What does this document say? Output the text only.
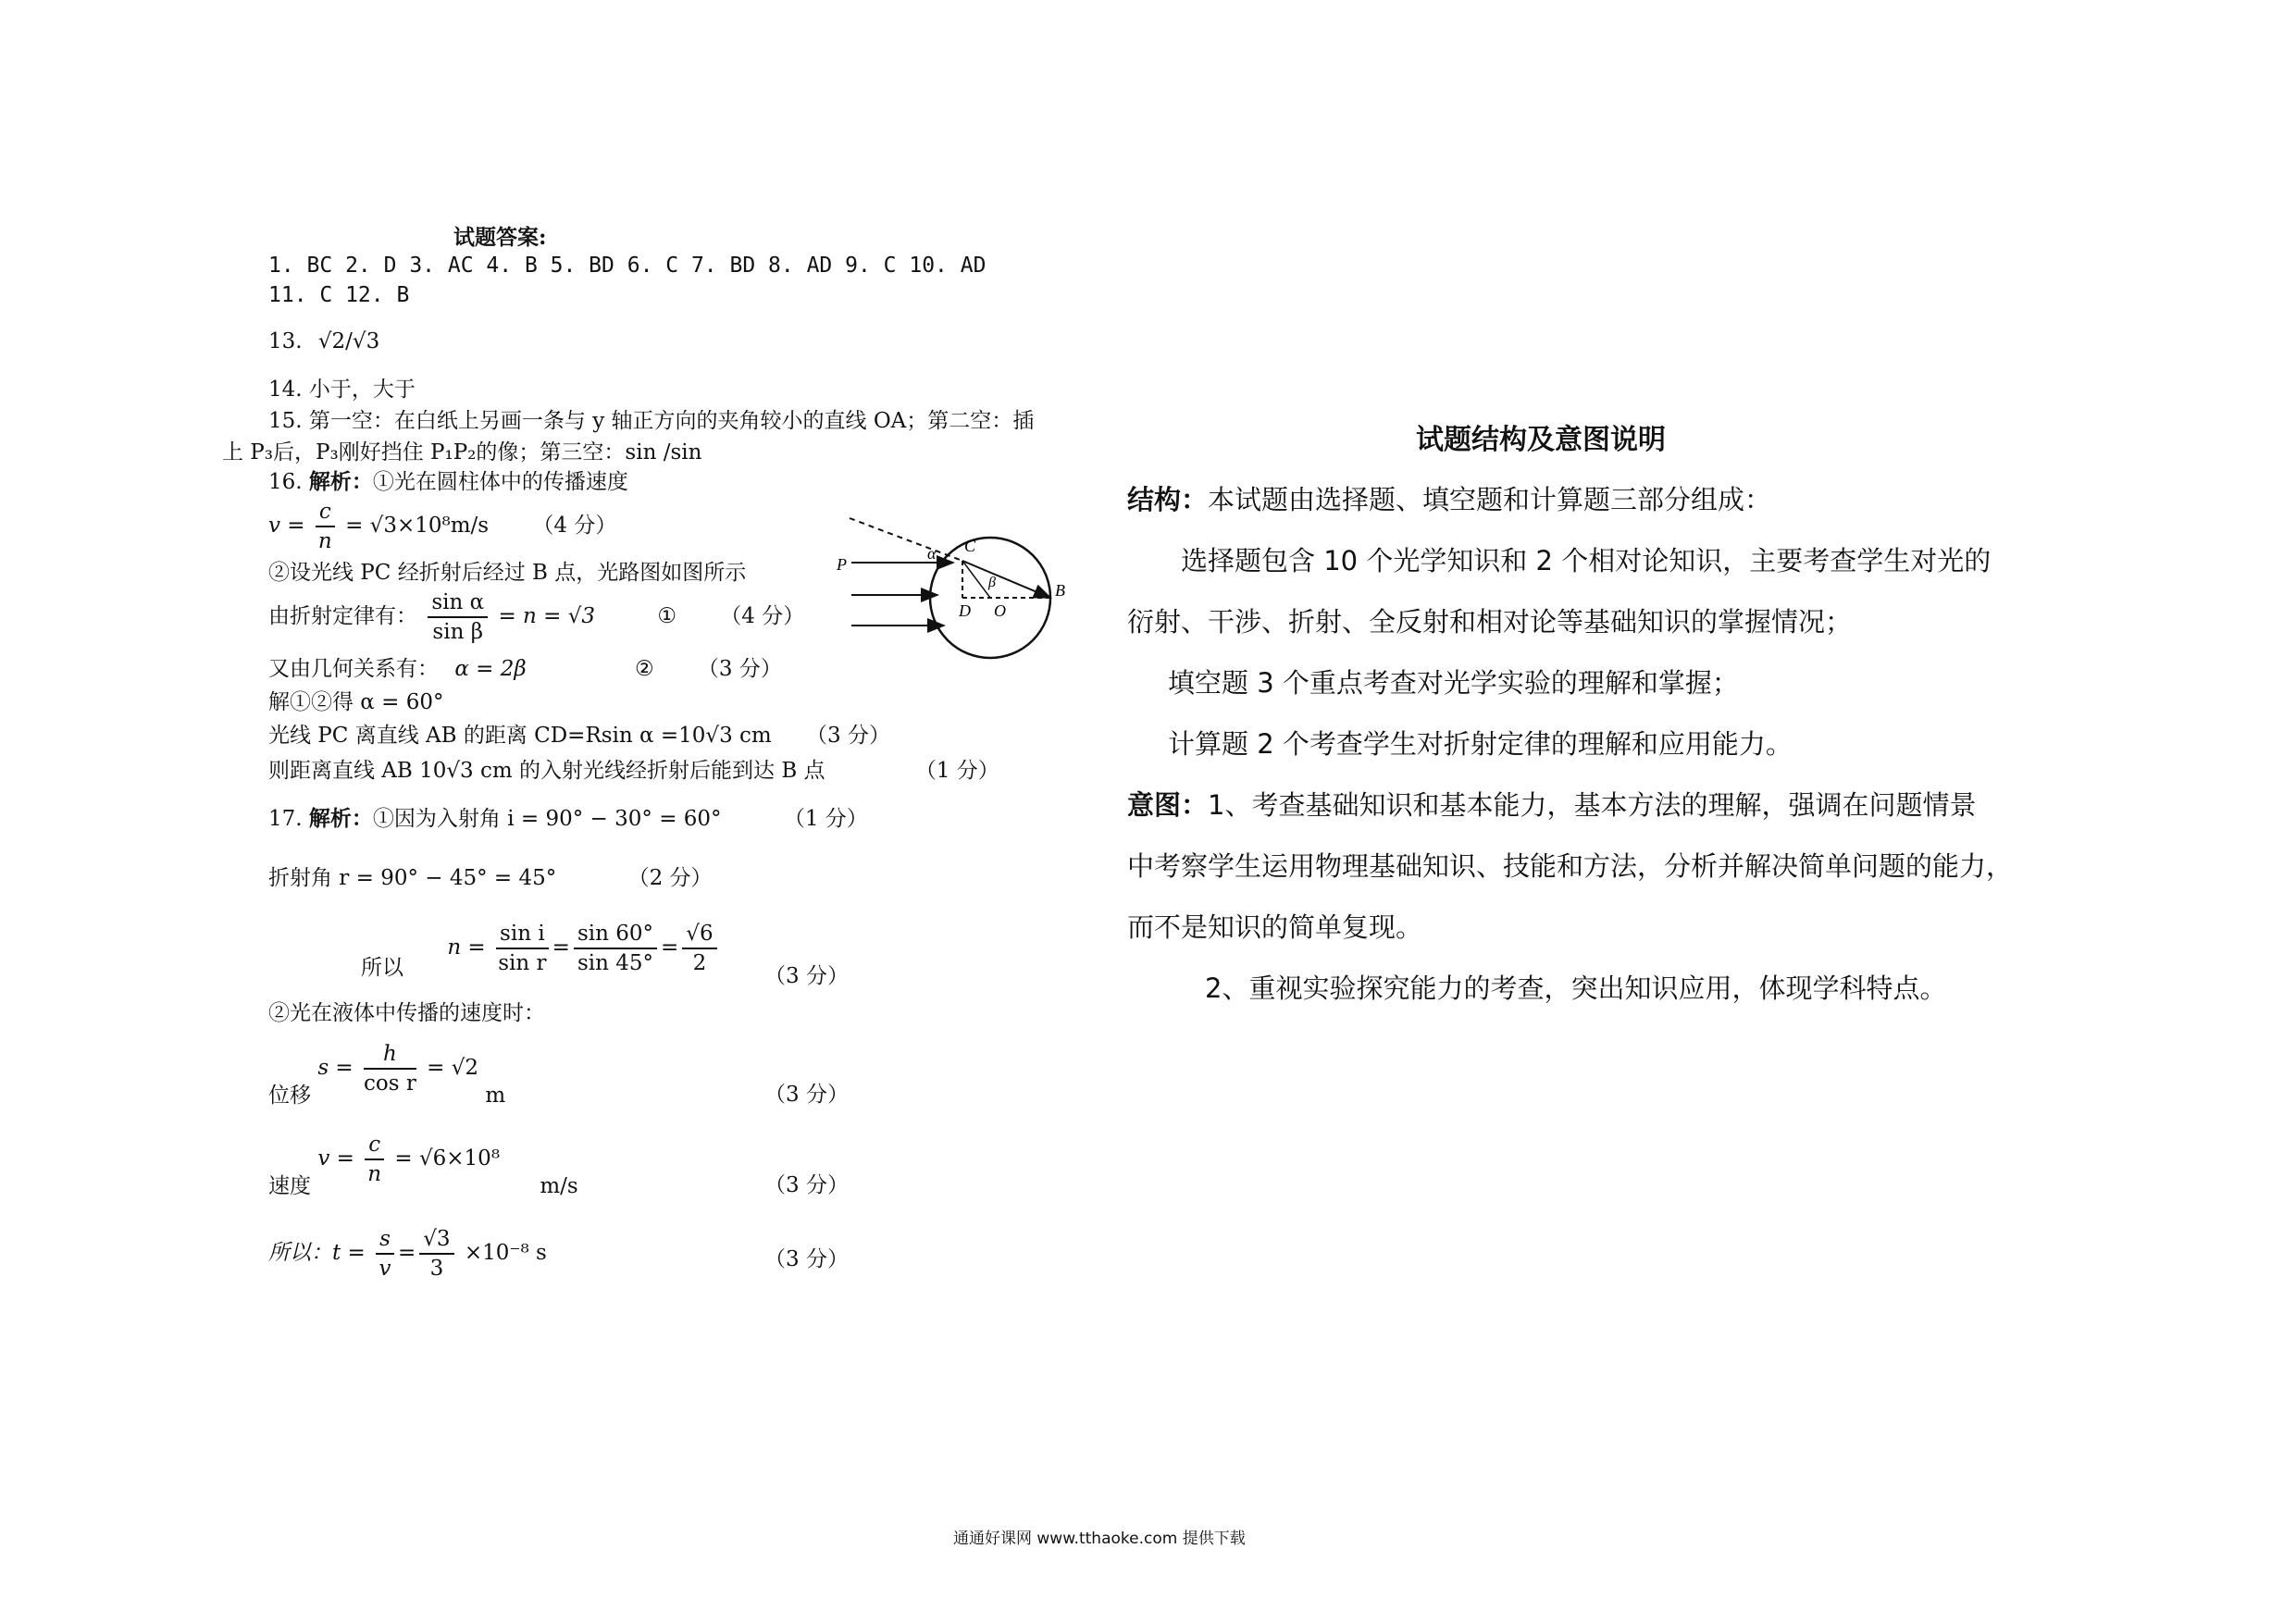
试题答案:
1. BC 2. D 3. AC 4. B 5. BD 6. C 7. BD 8. AD 9. C 10. AD
11. C 12. B
13. √2/√3
14. 小于，大于
15. 第一空：在白纸上另画一条与 y 轴正方向的夹角较小的直线 OA；第二空：插
上 P₃后，P₃刚好挡住 P₁P₂的像；第三空：sin /sin
16. 解析：①光在圆柱体中的传播速度
$v = \frac{c}{n} = √3\times 10^8m/s$ （4 分）
②设光线 PC 经折射后经过 B 点，光路图如图所示
由折射定律有： $\frac{\text{sin α}}{\text{sin β}} = n = √3$	① （4 分）
又由几何关系有： α = 2β	② （3 分）
解①②得 α = 60°
光线 PC 离直线 AB 的距离 CD=Rsin α =10√3 cm （3 分）
则距离直线 AB 10√3 cm 的入射光线经折射后能到达 B 点	（1 分）
17. 解析：①因为入射角 i = 90° − 30° = 60°	（1 分）
折射角 r = 90° − 45° = 45°	（2 分）
所以 $n = \frac{\text{sin i}}{\text{sin r}} = \frac{\sin 60^\circ}{\sin 45^\circ} = \frac{√6}{2} (3$ 分）
②光在液体中传播的速度时：
位移 $s = \frac{h}{\text{cos r}} = √2$ m	（3 分）
速度 $v = \frac{c}{n} = √6\times 10^8$ m/s	（3 分）
所以：$t = \frac{s}{v} = \frac{√3}{3} \times 10^{-8}$ s	（3 分）
P
C
α
β	B
D O
试题结构及意图说明
结构：本试题由选择题、填空题和计算题三部分组成：
选择题包含 10 个光学知识和 2 个相对论知识，主要考查学生对光的
衍射、干涉、折射、全反射和相对论等基础知识的掌握情况；
填空题 3 个重点考查对光学实验的理解和掌握；
计算题 2 个考查学生对折射定律的理解和应用能力。
意图：1、考查基础知识和基本能力，基本方法的理解，强调在问题情景
中考察学生运用物理基础知识、技能和方法，分析并解决简单问题的能力，
而不是知识的简单复现。
2、重视实验探究能力的考查，突出知识应用，体现学科特点。
通通好课网 www.tthaoke.com 提供下载
